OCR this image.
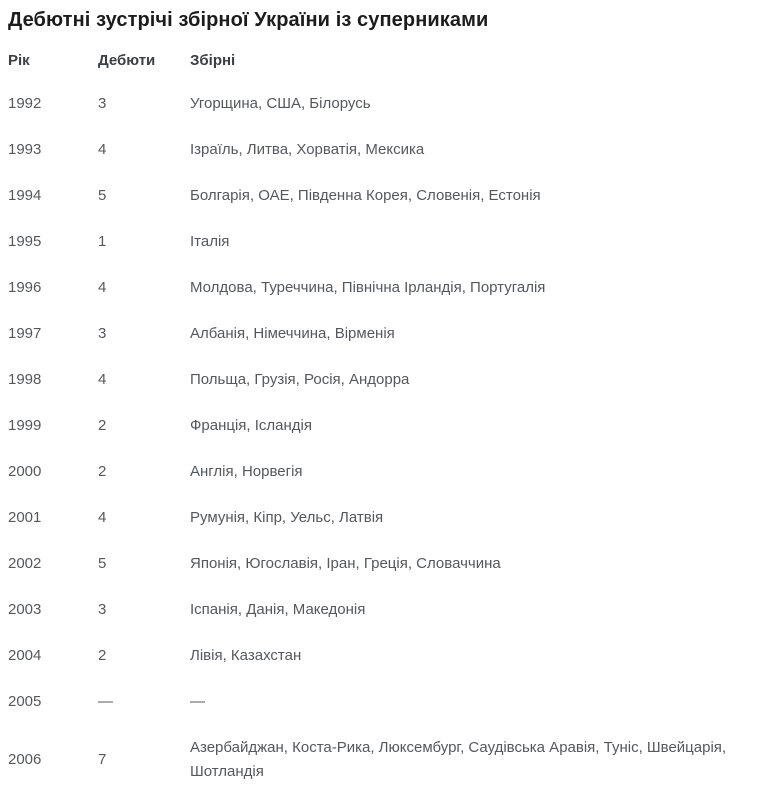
Дебютні зустрічі збірної України із суперниками
Рік	Дебюти	Збірні
1992	3	Угорщина, США, Білорусь
1993	4	Ізраїль, Литва, Хорватія, Мексика
1994	5	Болгарія, ОАЕ, Південна Корея, Словенія, Естонія
1995	1	Італія
1996	4	Молдова, Туреччина, Північна Ірландія, Португалія
1997	3	Албанія, Німеччина, Вірменія
1998	4	Польща, Грузія, Росія, Андорра
1999	2	Франція, Ісландія
2000	2	Англія, Норвегія
2001	4	Румунія, Кіпр, Уельс, Латвія
2002	5	Японія, Югославія, Іран, Греція, Словаччина
2003	3	Іспанія, Данія, Македонія
2004	2	Лівія, Казахстан
2005	—	—
2006	7	Азербайджан, Коста-Рика, Люксембург, Саудівська Аравія, Туніс, Швейцарія, Шотландія
